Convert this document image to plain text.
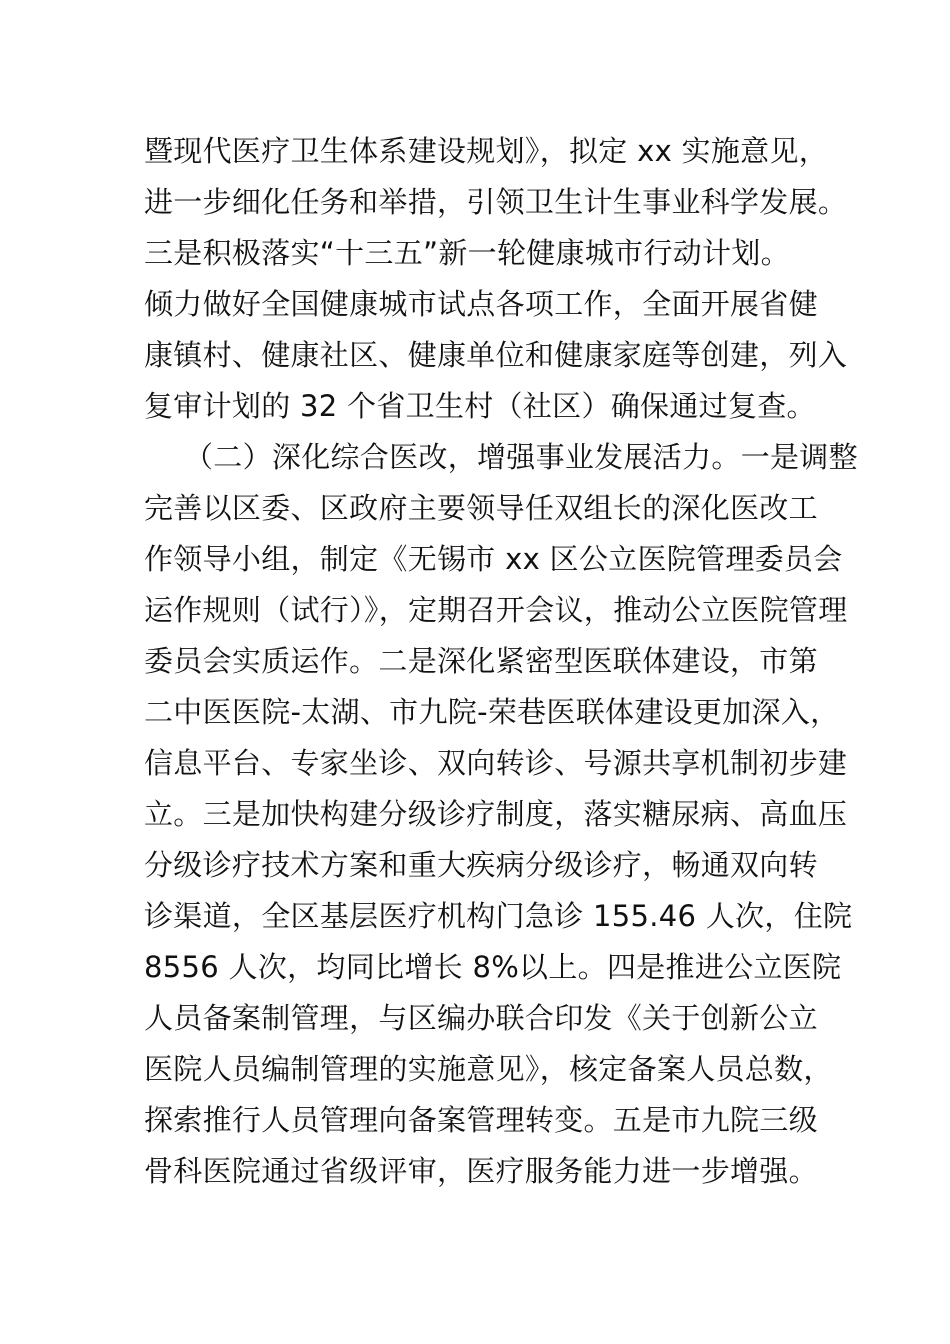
暨现代医疗卫生体系建设规划》，拟定 xx 实施意见，
进一步细化任务和举措，引领卫生计生事业科学发展。
三是积极落实“十三五”新一轮健康城市行动计划。
倾力做好全国健康城市试点各项工作，全面开展省健
康镇村、健康社区、健康单位和健康家庭等创建，列入
复审计划的 32 个省卫生村（社区）确保通过复查。
（二）深化综合医改，增强事业发展活力。一是调整
完善以区委、区政府主要领导任双组长的深化医改工
作领导小组，制定《无锡市 xx 区公立医院管理委员会
运作规则（试行）》，定期召开会议，推动公立医院管理
委员会实质运作。二是深化紧密型医联体建设，市第
二中医医院-太湖、市九院-荣巷医联体建设更加深入，
信息平台、专家坐诊、双向转诊、号源共享机制初步建
立。三是加快构建分级诊疗制度，落实糖尿病、高血压
分级诊疗技术方案和重大疾病分级诊疗，畅通双向转
诊渠道，全区基层医疗机构门急诊 155.46 人次，住院
8556 人次，均同比增长 8%以上。四是推进公立医院
人员备案制管理，与区编办联合印发《关于创新公立
医院人员编制管理的实施意见》，核定备案人员总数，
探索推行人员管理向备案管理转变。五是市九院三级
骨科医院通过省级评审，医疗服务能力进一步增强。
